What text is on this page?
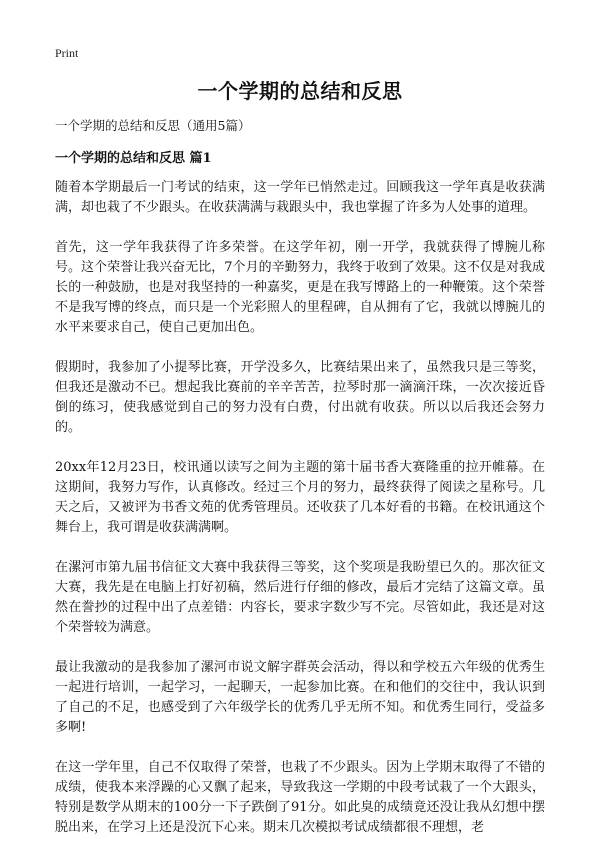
Print
一个学期的总结和反思

一个学期的总结和反思（通用5篇）

一个学期的总结和反思 篇1

随着本学期最后一门考试的结束，这一学年已悄然走过。回顾我这一学年真是收获满满，却也栽了不少跟头。在收获满满与栽跟头中，我也掌握了许多为人处事的道理。

首先，这一学年我获得了许多荣誉。在这学年初，刚一开学，我就获得了博腕儿称号。这个荣誉让我兴奋无比，7个月的辛勤努力，我终于收到了效果。这不仅是对我成长的一种鼓励，也是对我坚持的一种嘉奖，更是在我写博路上的一种鞭策。这个荣誉不是我写博的终点，而只是一个光彩照人的里程碑，自从拥有了它，我就以博腕儿的水平来要求自己，使自己更加出色。

假期时，我参加了小提琴比赛，开学没多久，比赛结果出来了，虽然我只是三等奖，但我还是激动不已。想起我比赛前的辛辛苦苦，拉琴时那一滴滴汗珠，一次次接近昏倒的练习，使我感觉到自己的努力没有白费，付出就有收获。所以以后我还会努力的。

20xx年12月23日，校讯通以读写之间为主题的第十届书香大赛隆重的拉开帷幕。在这期间，我努力写作，认真修改。经过三个月的努力，最终获得了阅读之星称号。几天之后，又被评为书香文苑的优秀管理员。还收获了几本好看的书籍。在校讯通这个舞台上，我可谓是收获满满啊。

在漯河市第九届书信征文大赛中我获得三等奖，这个奖项是我盼望已久的。那次征文大赛，我先是在电脑上打好初稿，然后进行仔细的修改，最后才完结了这篇文章。虽然在誊抄的过程中出了点差错：内容长，要求字数少写不完。尽管如此，我还是对这个荣誉较为满意。

最让我激动的是我参加了漯河市说文解字群英会活动，得以和学校五六年级的优秀生一起进行培训，一起学习，一起聊天，一起参加比赛。在和他们的交往中，我认识到了自己的不足，也感受到了六年级学长的优秀几乎无所不知。和优秀生同行，受益多多啊!

在这一学年里，自己不仅取得了荣誉，也栽了不少跟头。因为上学期末取得了不错的成绩，使我本来浮躁的心又飘了起来，导致我这一学期的中段考试栽了一个大跟头，特别是数学从期末的100分一下子跌倒了91分。如此臭的成绩竟还没让我从幻想中摆脱出来，在学习上还是没沉下心来。期末几次模拟考试成绩都很不理想，老
